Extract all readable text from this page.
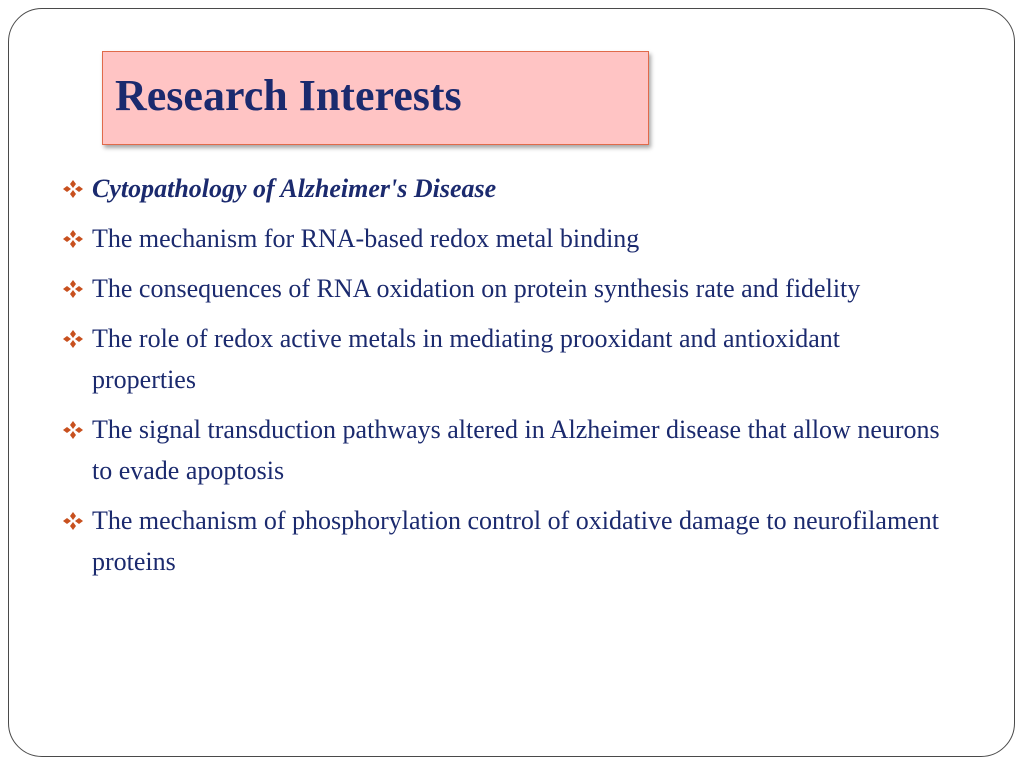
Research Interests
Cytopathology of Alzheimer's Disease
The mechanism for RNA-based redox metal binding
The consequences of RNA oxidation on protein synthesis rate and fidelity
The role of redox active metals in mediating prooxidant and antioxidant properties
The signal transduction pathways altered in Alzheimer disease that allow neurons to evade apoptosis
The mechanism of phosphorylation control of oxidative damage to neurofilament proteins
